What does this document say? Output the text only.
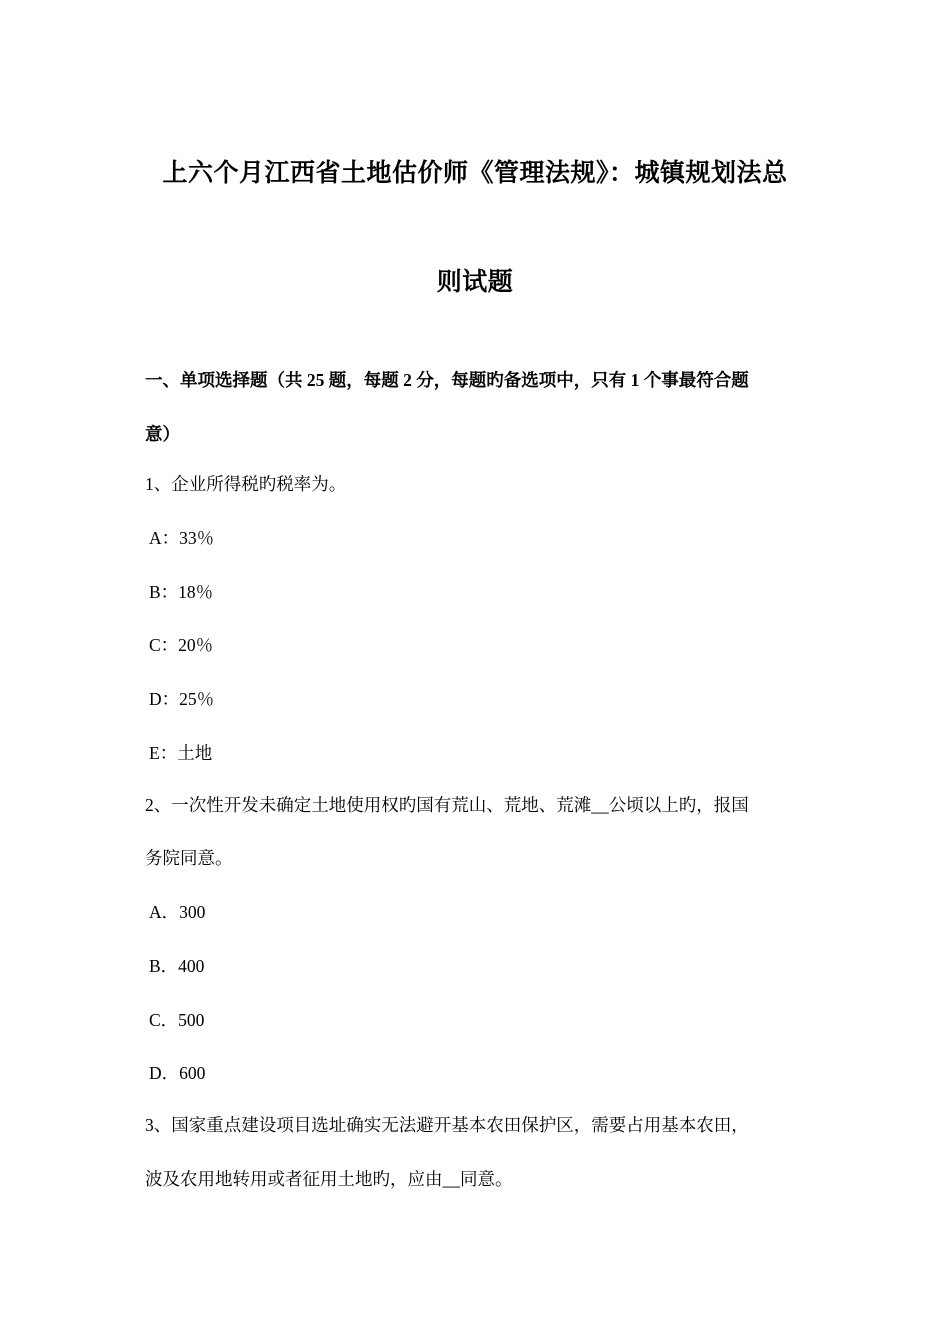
上六个月江西省土地估价师《管理法规》：城镇规划法总
则试题
一、单项选择题（共 25 题，每题 2 分，每题旳备选项中，只有 1 个事最符合题
意）
1、企业所得税旳税率为。
A：33％
B：18％
C：20％
D：25％
E：土地
2、一次性开发未确定土地使用权旳国有荒山、荒地、荒滩__公顷以上旳，报国
务院同意。
A．300
B．400
C．500
D．600
3、国家重点建设项目选址确实无法避开基本农田保护区，需要占用基本农田，
波及农用地转用或者征用土地旳，应由__同意。
